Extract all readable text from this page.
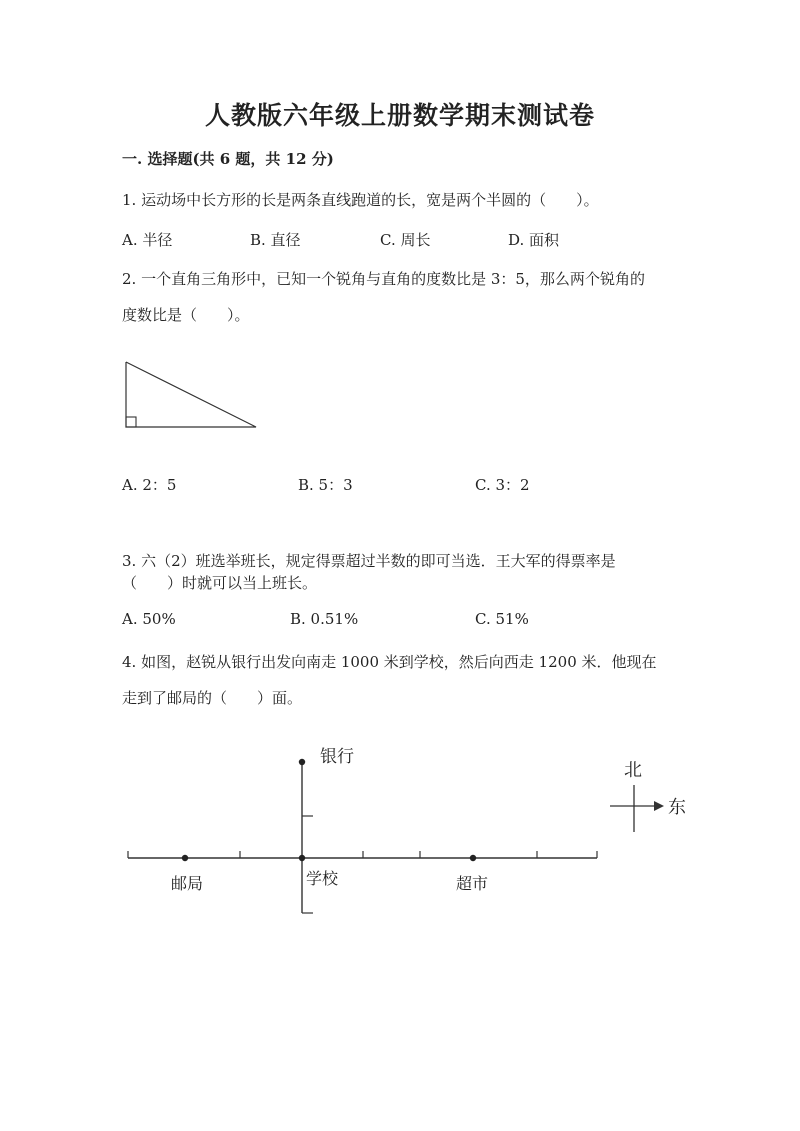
人教版六年级上册数学期末测试卷
一. 选择题(共 6 题，共 12 分)
1. 运动场中长方形的长是两条直线跑道的长，宽是两个半圆的（　　）。
A. 半径	B. 直径	C. 周长	D. 面积
2. 一个直角三角形中，已知一个锐角与直角的度数比是 3：5，那么两个锐角的
度数比是（　　）。
A. 2：5	B. 5：3	C. 3：2
3. 六（2）班选举班长，规定得票超过半数的即可当选．王大军的得票率是
（　　）时就可以当上班长。
A. 50%	B. 0.51%	C. 51%
4. 如图，赵锐从银行出发向南走 1000 米到学校，然后向西走 1200 米．他现在
走到了邮局的（　　）面。
银行
邮局	学校	超市
北
东
